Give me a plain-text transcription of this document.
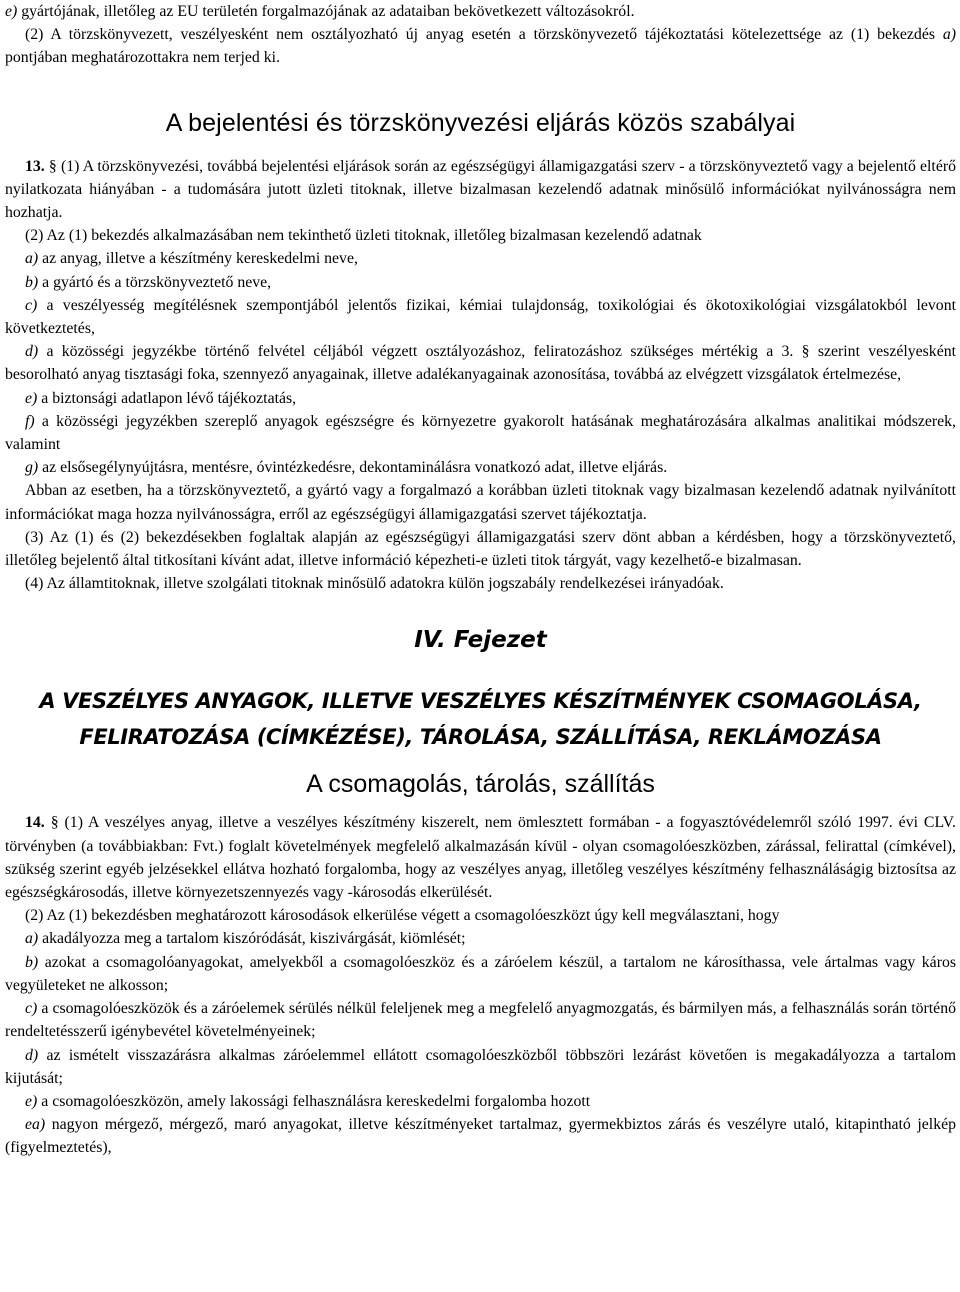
e) gyártójának, illetőleg az EU területén forgalmazójának az adataiban bekövetkezett változásokról.

(2) A törzskönyvezett, veszélyesként nem osztályozható új anyag esetén a törzskönyvezető tájékoztatási kötelezettsége az (1) bekezdés a) pontjában meghatározottakra nem terjed ki.

A bejelentési és törzskönyvezési eljárás közös szabályai

13. § (1) A törzskönyvezési, továbbá bejelentési eljárások során az egészségügyi államigazgatási szerv - a törzskönyveztető vagy a bejelentő eltérő nyilatkozata hiányában - a tudomására jutott üzleti titoknak, illetve bizalmasan kezelendő adatnak minősülő információkat nyilvánosságra nem hozhatja.

(2) Az (1) bekezdés alkalmazásában nem tekinthető üzleti titoknak, illetőleg bizalmasan kezelendő adatnak

a) az anyag, illetve a készítmény kereskedelmi neve,

b) a gyártó és a törzskönyveztető neve,

c) a veszélyesség megítélésnek szempontjából jelentős fizikai, kémiai tulajdonság, toxikológiai és ökotoxikológiai vizsgálatokból levont következtetés,

d) a közösségi jegyzékbe történő felvétel céljából végzett osztályozáshoz, feliratozáshoz szükséges mértékig a 3. § szerint veszélyesként besorolható anyag tisztasági foka, szennyező anyagainak, illetve adalékanyagainak azonosítása, továbbá az elvégzett vizsgálatok értelmezése,

e) a biztonsági adatlapon lévő tájékoztatás,

f) a közösségi jegyzékben szereplő anyagok egészségre és környezetre gyakorolt hatásának meghatározására alkalmas analitikai módszerek, valamint

g) az elsősegélynyújtásra, mentésre, óvintézkedésre, dekontaminálásra vonatkozó adat, illetve eljárás.

Abban az esetben, ha a törzskönyveztető, a gyártó vagy a forgalmazó a korábban üzleti titoknak vagy bizalmasan kezelendő adatnak nyilvánított információkat maga hozza nyilvánosságra, erről az egészségügyi államigazgatási szervet tájékoztatja.

(3) Az (1) és (2) bekezdésekben foglaltak alapján az egészségügyi államigazgatási szerv dönt abban a kérdésben, hogy a törzskönyveztető, illetőleg bejelentő által titkosítani kívánt adat, illetve információ képezheti-e üzleti titok tárgyát, vagy kezelhető-e bizalmasan.

(4) Az államtitoknak, illetve szolgálati titoknak minősülő adatokra külön jogszabály rendelkezései irányadóak.

IV. Fejezet
A VESZÉLYES ANYAGOK, ILLETVE VESZÉLYES KÉSZÍTMÉNYEK CSOMAGOLÁSA,
FELIRATOZÁSA (CÍMKÉZÉSE), TÁROLÁSA, SZÁLLÍTÁSA, REKLÁMOZÁSA
A csomagolás, tárolás, szállítás

14. § (1) A veszélyes anyag, illetve a veszélyes készítmény kiszerelt, nem ömlesztett formában - a fogyasztóvédelemről szóló 1997. évi CLV. törvényben (a továbbiakban: Fvt.) foglalt követelmények megfelelő alkalmazásán kívül - olyan csomagolóeszközben, zárással, felirattal (címkével), szükség szerint egyéb jelzésekkel ellátva hozható forgalomba, hogy az veszélyes anyag, illetőleg veszélyes készítmény felhasználáságig biztosítsa az egészségkárosodás, illetve környezetszennyezés vagy -károsodás elkerülését.

(2) Az (1) bekezdésben meghatározott károsodások elkerülése végett a csomagolóeszközt úgy kell megválasztani, hogy

a) akadályozza meg a tartalom kiszóródását, kiszivárgását, kiömlését;

b) azokat a csomagolóanyagokat, amelyekből a csomagolóeszköz és a záróelem készül, a tartalom ne károsíthassa, vele ártalmas vagy káros vegyületeket ne alkosson;

c) a csomagolóeszközök és a záróelemek sérülés nélkül feleljenek meg a megfelelő anyagmozgatás, és bármilyen más, a felhasználás során történő rendeltetésszerű igénybevétel követelményeinek;

d) az ismételt visszazárásra alkalmas záróelemmel ellátott csomagolóeszközből többszöri lezárást követően is megakadályozza a tartalom kijutását;

e) a csomagolóeszközön, amely lakossági felhasználásra kereskedelmi forgalomba hozott

ea) nagyon mérgező, mérgező, maró anyagokat, illetve készítményeket tartalmaz, gyermekbiztos zárás és veszélyre utaló, kitapintható jelkép (figyelmeztetés),
